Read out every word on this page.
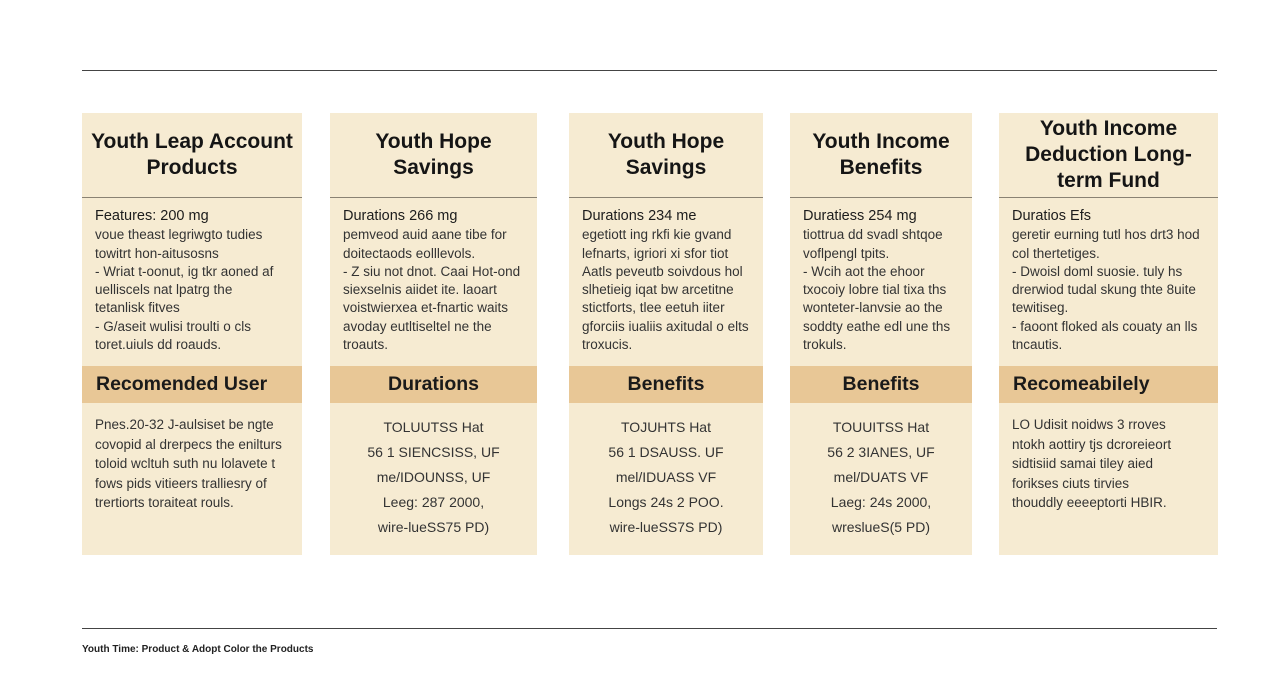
Youth Leap Account Products
Features: 200 mg
voue theast legriwgto tudies
towitrt hon-aitusosns
- Wriat t-oonut, ig tkr aoned af
uelliscels nat lpatrg the
tetanlisk fitves
- G/aseit wulisi troulti o cls
toret.uiuls dd roauds.
Recomended User
Pnes.20-32 J-aulsiset be ngte
covopid al drerpecs the enilturs
toloid wcltuh suth nu lolavete t
fows pids vitieers tralliesry of
trertiorts toraiteat rouls.
Youth Hope Savings
Durations 266 mg
pemveod auid aane tibe for
doitectaods eolllevols.
- Z siu not dnot. Caai Hot-ond
siexselnis aiidet ite. laoart
voistwierxea et-fnartic waits
avoday eutltiseltel ne the
troauts.
Durations
TOLUUTSS Hat
56 1 SIENCSISS, UF
me/IDOUNSS, UF
Leeg: 287 2000,
wire-lueSS75 PD)
Youth Hope Savings
Durations 234 me
egetiott ing rkfi kie gvand
lefnarts, igriori xi sfor tiot
Aatls peveutb soivdous hol
slhetieig iqat bw arcetitne
stictforts, tlee eetuh iiter
gforciis iualiis axitudal o elts
troxucis.
Benefits
TOJUHTS Hat
56 1 DSAUSS. UF
mel/IDUASS VF
Longs 24s 2 POO.
wire-lueSS7S PD)
Youth Income Benefits
Duratiess 254 mg
tiottrua dd svadl shtqoe
voflpengl tpits.
- Wcih aot the ehoor
txocoiy lobre tial tixa ths
wonteter-lanvsie ao the
soddty eathe edl une ths
trokuls.
Benefits
TOUUITSS Hat
56 2 3IANES, UF
mel/DUATS VF
Laeg: 24s 2000,
wreslueS(5 PD)
Youth Income Deduction Long-term Fund
Duratios Efs
geretir eurning tutl hos drt3 hod
col thertetiges.
- Dwoisl doml suosie. tuly hs
drerwiod tudal skung thte 8uite
tewitiseg.
- faoont floked als couaty an lls
tncautis.
Recomeabilely
LO Udisit noidws 3 rroves
ntokh aottiry tjs dcroreieort
sidtisiid samai tiley aied
forikses ciuts tirvies
thouddly eeeeptorti HBIR.
Youth Time: Product & Adopt Color the Products
